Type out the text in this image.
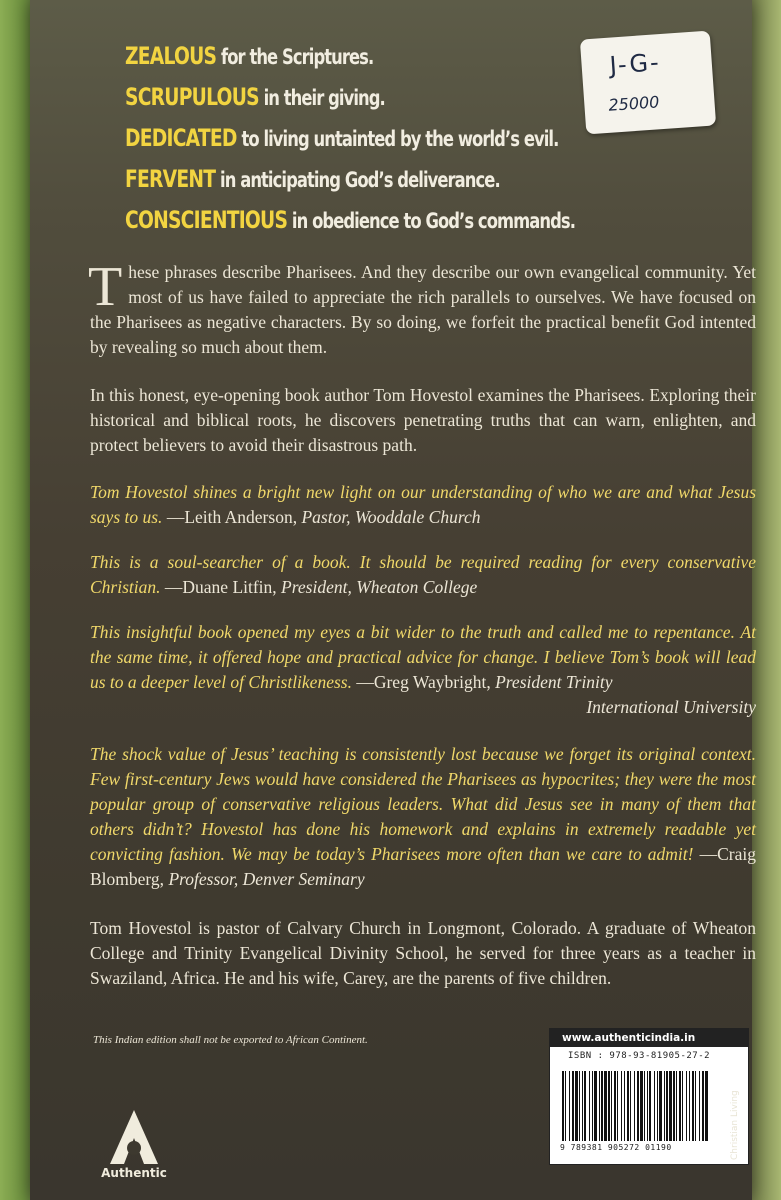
ZEALOUS for the Scriptures.
SCRUPULOUS in their giving.
DEDICATED to living untainted by the world’s evil.
FERVENT in anticipating God’s deliverance.
CONSCIENTIOUS in obedience to God’s commands.
J-G-
25000

These phrases describe Pharisees. And they describe our own evangelical community. Yet most of us have failed to appreciate the rich parallels to ourselves. We have focused on the Pharisees as negative characters. By so doing, we forfeit the practical benefit God intented by revealing so much about them.

In this honest, eye-opening book author Tom Hovestol examines the Pharisees. Exploring their historical and biblical roots, he discovers penetrating truths that can warn, enlighten, and protect believers to avoid their disastrous path.

Tom Hovestol shines a bright new light on our understanding of who we are and what Jesus says to us. —Leith Anderson, Pastor, Wooddale Church

This is a soul-searcher of a book. It should be required reading for every conservative Christian. —Duane Litfin, President, Wheaton College

This insightful book opened my eyes a bit wider to the truth and called me to repentance. At the same time, it offered hope and practical advice for change. I believe Tom’s book will lead us to a deeper level of Christlikeness. —Greg Waybright, President Trinity
International University

The shock value of Jesus’ teaching is consistently lost because we forget its original context. Few first-century Jews would have considered the Pharisees as hypocrites; they were the most popular group of conservative religious leaders. What did Jesus see in many of them that others didn’t? Hovestol has done his homework and explains in extremely readable yet convicting fashion. We may be today’s Pharisees more often than we care to admit! —Craig Blomberg, Professor, Denver Seminary

Tom Hovestol is pastor of Calvary Church in Longmont, Colorado. A graduate of Wheaton College and Trinity Evangelical Divinity School, he served for three years as a teacher in Swaziland, Africa. He and his wife, Carey, are the parents of five children.

This Indian edition shall not be exported to African Continent.
Authentic
www.authenticindia.in
ISBN : 978-93-81905-27-2
9 789381 905272 01190	Christian Living
